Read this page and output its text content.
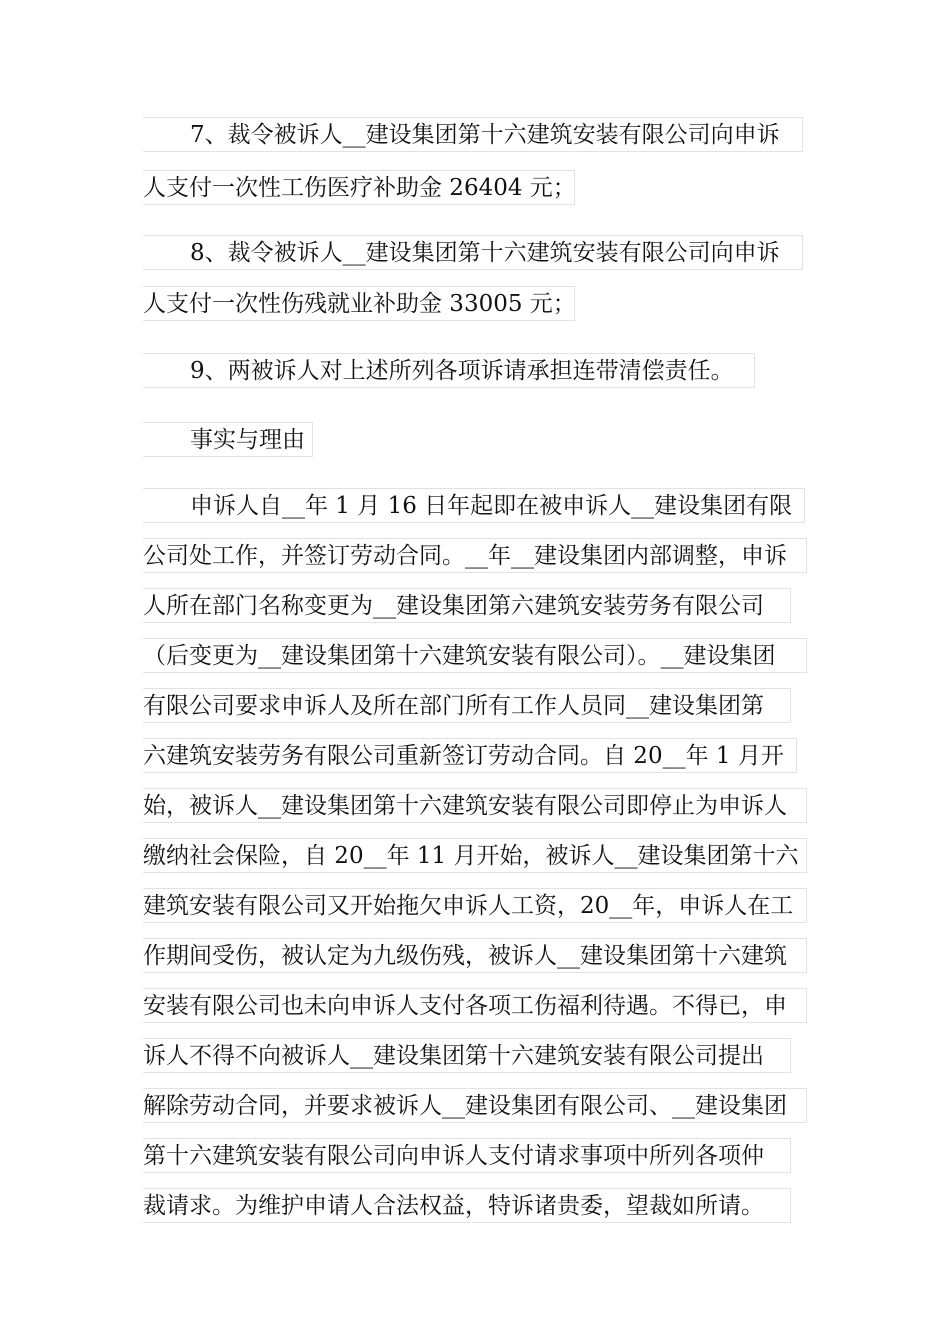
7、裁令被诉人__建设集团第十六建筑安装有限公司向申诉
人支付一次性工伤医疗补助金 26404 元；
8、裁令被诉人__建设集团第十六建筑安装有限公司向申诉
人支付一次性伤残就业补助金 33005 元；
9、两被诉人对上述所列各项诉请承担连带清偿责任。
事实与理由
申诉人自__年 1 月 16 日年起即在被申诉人__建设集团有限
公司处工作，并签订劳动合同。__年__建设集团内部调整，申诉
人所在部门名称变更为__建设集团第六建筑安装劳务有限公司
（后变更为__建设集团第十六建筑安装有限公司）。__建设集团
有限公司要求申诉人及所在部门所有工作人员同__建设集团第
六建筑安装劳务有限公司重新签订劳动合同。自 20__年 1 月开
始，被诉人__建设集团第十六建筑安装有限公司即停止为申诉人
缴纳社会保险，自 20__年 11 月开始，被诉人__建设集团第十六
建筑安装有限公司又开始拖欠申诉人工资，20__年，申诉人在工
作期间受伤，被认定为九级伤残，被诉人__建设集团第十六建筑
安装有限公司也未向申诉人支付各项工伤福利待遇。不得已，申
诉人不得不向被诉人__建设集团第十六建筑安装有限公司提出
解除劳动合同，并要求被诉人__建设集团有限公司、__建设集团
第十六建筑安装有限公司向申诉人支付请求事项中所列各项仲
裁请求。为维护申请人合法权益，特诉诸贵委，望裁如所请。
